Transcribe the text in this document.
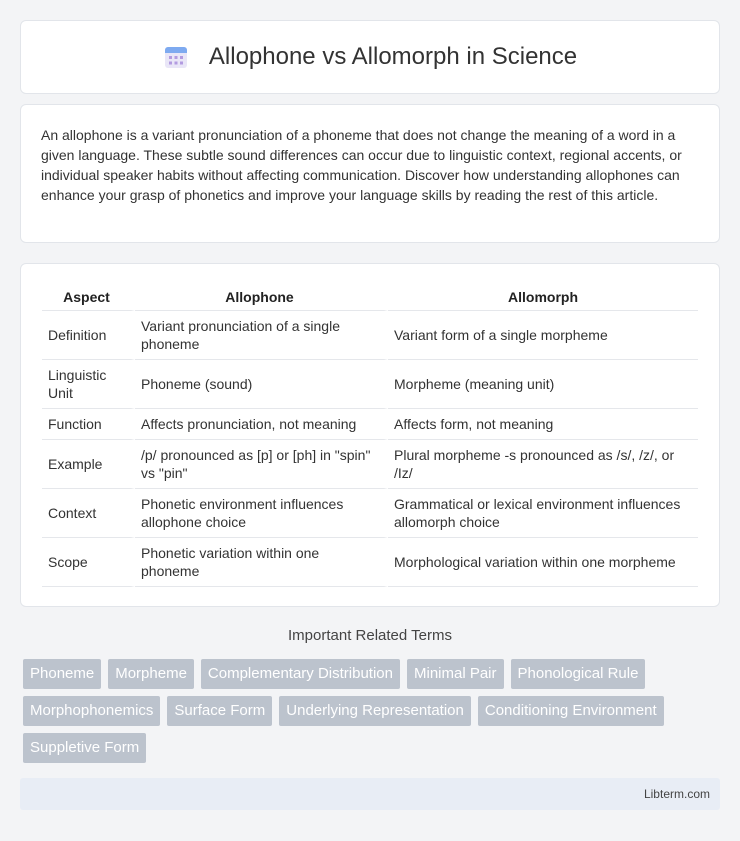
Allophone vs Allomorph in Science

An allophone is a variant pronunciation of a phoneme that does not change the meaning of a word in a given language. These subtle sound differences can occur due to linguistic context, regional accents, or individual speaker habits without affecting communication. Discover how understanding allophones can enhance your grasp of phonetics and improve your language skills by reading the rest of this article.

Aspect	Allophone	Allomorph
Definition	Variant pronunciation of a single phoneme	Variant form of a single morpheme
Linguistic Unit	Phoneme (sound)	Morpheme (meaning unit)
Function	Affects pronunciation, not meaning	Affects form, not meaning
Example	/p/ pronounced as [p] or [ph] in "spin" vs "pin"	Plural morpheme -s pronounced as /s/, /z/, or /Iz/
Context	Phonetic environment influences allophone choice	Grammatical or lexical environment influences allomorph choice
Scope	Phonetic variation within one phoneme	Morphological variation within one morpheme
Important Related Terms
Phoneme	Morpheme	Complementary Distribution	Minimal Pair	Phonological Rule
Morphophonemics	Surface Form	Underlying Representation	Conditioning Environment
Suppletive Form
Libterm.com
